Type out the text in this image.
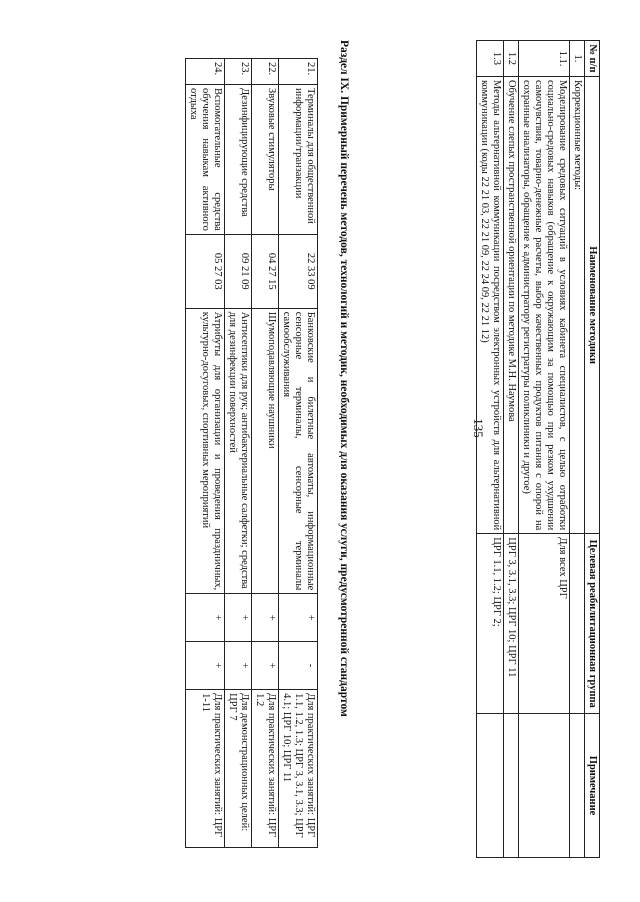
135
№ п/п	Наименование методики	Целевая реабилитационная группа	Примечание
1.	Коррекционные методы:		
1.1.	Моделирование средовых ситуаций в условиях кабинета специалистов, с целью отработки социально-средовых навыков (обращение к окружающим за помощью при резком ухудшении самочувствия, товарно-денежные расчеты, выбор качественных продуктов питания с опорой на сохранные анализаторы, обращение к администратору регистратуры поликлиники и другое)	Для всех ЦРГ	
1.2	Обучение слепых пространственной ориентации по методике М.Н. Наумова	ЦРГ 3, 3.1, 3.3; ЦРГ 10; ЦРГ 11	
1.3	Методы альтернативной коммуникации посредством электронных устройств для альтернативной коммуникации (коды 22 21 03, 22 21 09, 22 24 09, 22 21 12)	ЦРГ 1.1, 1.2; ЦРГ 2;	
Раздел IX. Примерный перечень методов, технологий и методик, необходимых для оказания услуги, предусмотренной стандартом
21.	Терминалы для общественной информации/транзакции	22 33 09	Банковские и билетные автоматы, информационные сенсорные терминалы, сенсорные терминалы самообслуживания	+	-	Для практических занятий: ЦРГ 1.1, 1.2, 1.3; ЦРГ 3, 3.1, 3.3; ЦРГ 4.1; ЦРГ 10; ЦРГ 11
22.	Звуковые стимуляторы	04 27 15	Шумоподавляющие наушники	+	+	Для практических занятий: ЦРГ 1.2
23.	Дезинфицирующие средства	09 21 09	Антисептики для рук; антибактериальные салфетки; средства для дезинфекции поверхностей	+	+	Для демонстрационных целей: ЦРГ 7
24.	Вспомогательные средства обучения навыкам активного отдыха	05 27 03	Атрибуты для организации и проведения праздничных, культурно-досуговых, спортивных мероприятий	+	+	Для практических занятий: ЦРГ 1-11
